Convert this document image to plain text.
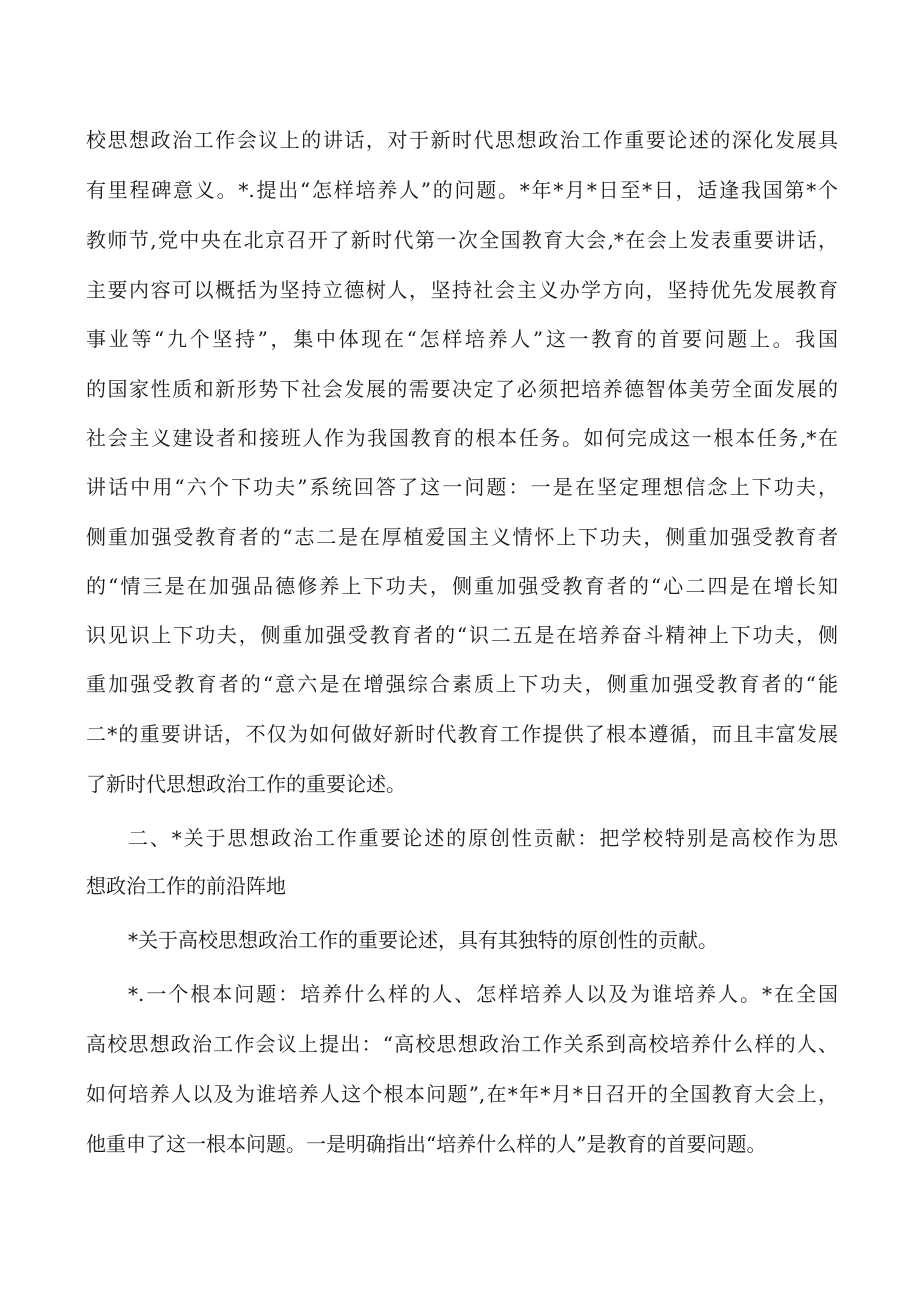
校思想政治工作会议上的讲话，对于新时代思想政治工作重要论述的深化发展具
有里程碑意义。*.提出“怎样培养人”的问题。*年*月*日至*日，适逢我国第*个
教师节,党中央在北京召开了新时代第一次全国教育大会,*在会上发表重要讲话，
主要内容可以概括为坚持立德树人，坚持社会主义办学方向，坚持优先发展教育
事业等“九个坚持”，集中体现在“怎样培养人”这一教育的首要问题上。我国
的国家性质和新形势下社会发展的需要决定了必须把培养德智体美劳全面发展的
社会主义建设者和接班人作为我国教育的根本任务。如何完成这一根本任务,*在
讲话中用“六个下功夫”系统回答了这一问题：一是在坚定理想信念上下功夫，
侧重加强受教育者的“志二是在厚植爱国主义情怀上下功夫，侧重加强受教育者
的“情三是在加强品德修养上下功夫，侧重加强受教育者的“心二四是在增长知
识见识上下功夫，侧重加强受教育者的“识二五是在培养奋斗精神上下功夫，侧
重加强受教育者的“意六是在增强综合素质上下功夫，侧重加强受教育者的“能
二*的重要讲话，不仅为如何做好新时代教育工作提供了根本遵循，而且丰富发展
了新时代思想政治工作的重要论述。
二、*关于思想政治工作重要论述的原创性贡献：把学校特别是高校作为思
想政治工作的前沿阵地
*关于高校思想政治工作的重要论述，具有其独特的原创性的贡献。
*.一个根本问题：培养什么样的人、怎样培养人以及为谁培养人。*在全国
高校思想政治工作会议上提出：“高校思想政治工作关系到高校培养什么样的人、
如何培养人以及为谁培养人这个根本问题”,在*年*月*日召开的全国教育大会上，
他重申了这一根本问题。一是明确指出“培养什么样的人”是教育的首要问题。
